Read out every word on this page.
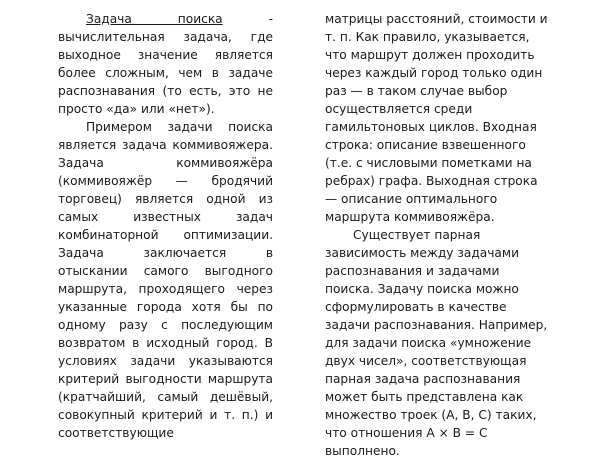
Задача поиска - вычислительная задача, где выходное значение является более сложным, чем в задаче распознавания (то есть, это не просто «да» или «нет»).

Примером задачи поиска является задача коммивояжера. Задача коммивояжёра (коммивояжёр — бродячий торговец) является одной из самых известных задач комбинаторной оптимизации. Задача заключается в отыскании самого выгодного маршрута, проходящего через указанные города хотя бы по одному разу с последующим возвратом в исходный город. В условиях задачи указываются критерий выгодности маршрута (кратчайший, самый дешёвый, совокупный критерий и т. п.) и соответствующие

матрицы расстояний, стоимости и т. п. Как правило, указывается, что маршрут должен проходить через каждый город только один раз — в таком случае выбор осуществляется среди гамильтоновых циклов. Входная строка: описание взвешенного (т.е. с числовыми пометками на ребрах) графа. Выходная строка — описание оптимального маршрута коммивояжёра.

Существует парная зависимость между задачами распознавания и задачами поиска. Задачу поиска можно сформулировать в качестве задачи распознавания. Например, для задачи поиска «умножение двух чисел», соответствующая парная задача распознавания может быть представлена как множество троек (A, B, C) таких, что отношения A × B = C выполнено.
